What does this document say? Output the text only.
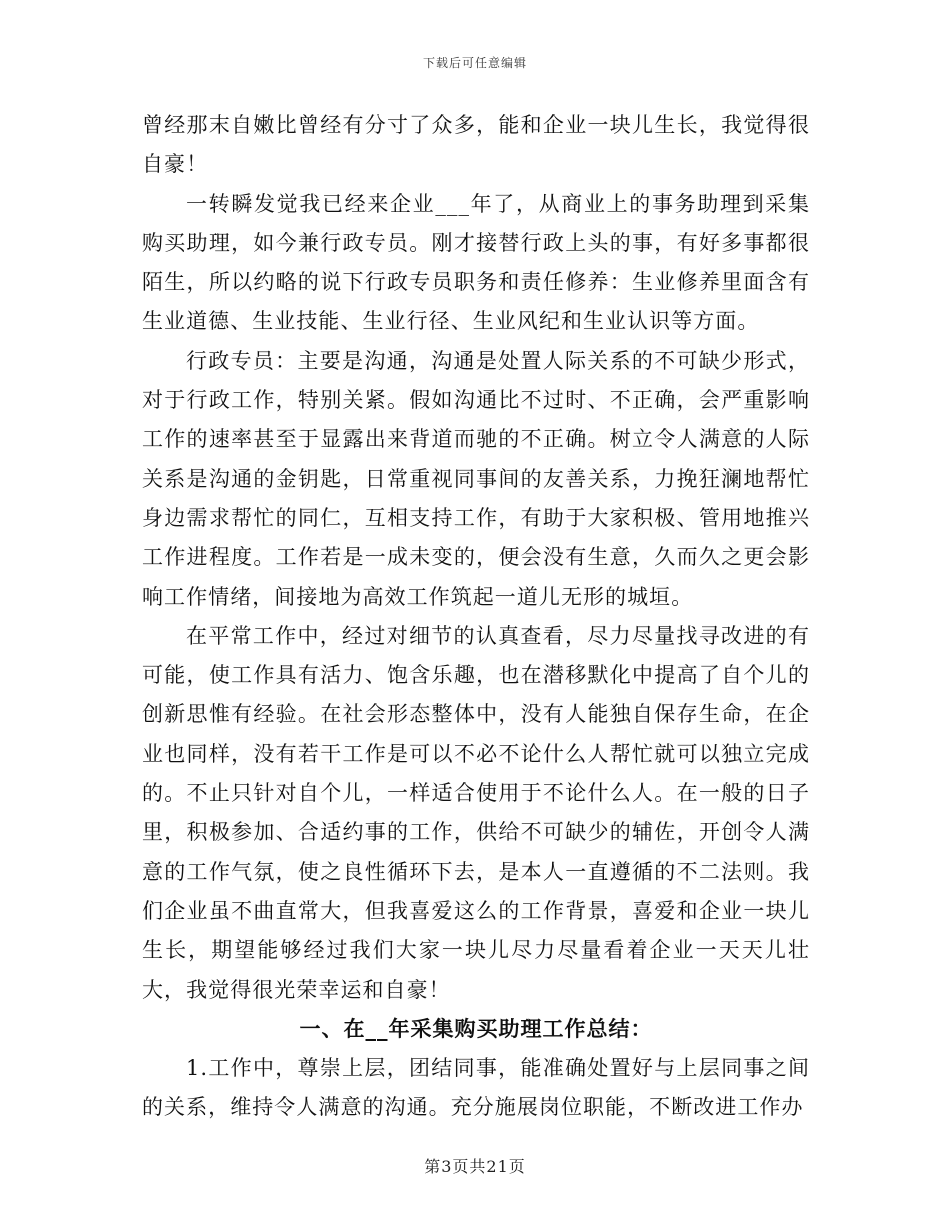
下载后可任意编辑

曾经那末自嫩比曾经有分寸了众多，能和企业一块儿生长，我觉得很自豪！

一转瞬发觉我已经来企业___年了，从商业上的事务助理到采集购买助理，如今兼行政专员。刚才接替行政上头的事，有好多事都很陌生，所以约略的说下行政专员职务和责任修养：生业修养里面含有生业道德、生业技能、生业行径、生业风纪和生业认识等方面。

行政专员：主要是沟通，沟通是处置人际关系的不可缺少形式，对于行政工作，特别关紧。假如沟通比不过时、不正确，会严重影响工作的速率甚至于显露出来背道而驰的不正确。树立令人满意的人际关系是沟通的金钥匙，日常重视同事间的友善关系，力挽狂澜地帮忙身边需求帮忙的同仁，互相支持工作，有助于大家积极、管用地推兴工作进程度。工作若是一成未变的，便会没有生意，久而久之更会影响工作情绪，间接地为高效工作筑起一道儿无形的城垣。

在平常工作中，经过对细节的认真查看，尽力尽量找寻改进的有可能，使工作具有活力、饱含乐趣，也在潜移默化中提高了自个儿的创新思惟有经验。在社会形态整体中，没有人能独自保存生命，在企业也同样，没有若干工作是可以不必不论什么人帮忙就可以独立完成的。不止只针对自个儿，一样适合使用于不论什么人。在一般的日子里，积极参加、合适约事的工作，供给不可缺少的辅佐，开创令人满意的工作气氛，使之良性循环下去，是本人一直遵循的不二法则。我们企业虽不曲直常大，但我喜爱这么的工作背景，喜爱和企业一块儿生长，期望能够经过我们大家一块儿尽力尽量看着企业一天天儿壮大，我觉得很光荣幸运和自豪！

一、在__年采集购买助理工作总结：

1.工作中，尊崇上层，团结同事，能准确处置好与上层同事之间的关系，维持令人满意的沟通。充分施展岗位职能，不断改进工作办

第3页共21页
